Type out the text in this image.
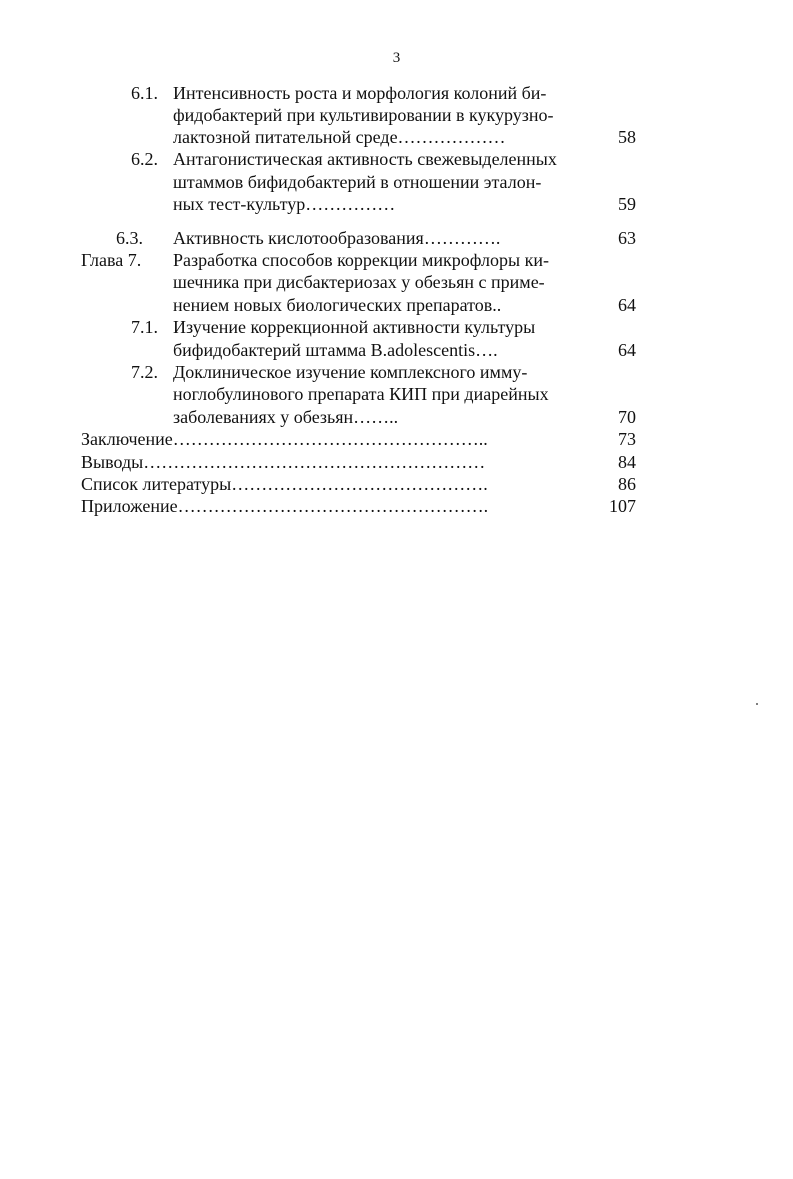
3
6.1. Интенсивность роста и морфология колоний би-
фидобактерий при культивировании в кукурузно-
лактозной питательной среде………………	58
6.2. Антагонистическая активность свежевыделенных
штаммов бифидобактерий в отношении эталон-
ных тест-культур……………	59
6.3. Активность кислотообразования………….	63
Глава 7. Разработка способов коррекции микрофлоры ки-
шечника при дисбактериозах у обезьян с приме-
нением новых биологических препаратов..	64
7.1. Изучение коррекционной активности культуры
бифидобактерий штамма B.adolescentis….	64
7.2. Доклиническое изучение комплексного имму-
ноглобулинового препарата КИП при диарейных
заболеваниях у обезьян……..	70
Заключение……………………………………………..	73
Выводы…………………………………………………	84
Список литературы…………………………………….	86
Приложение…………………………………………….	107
